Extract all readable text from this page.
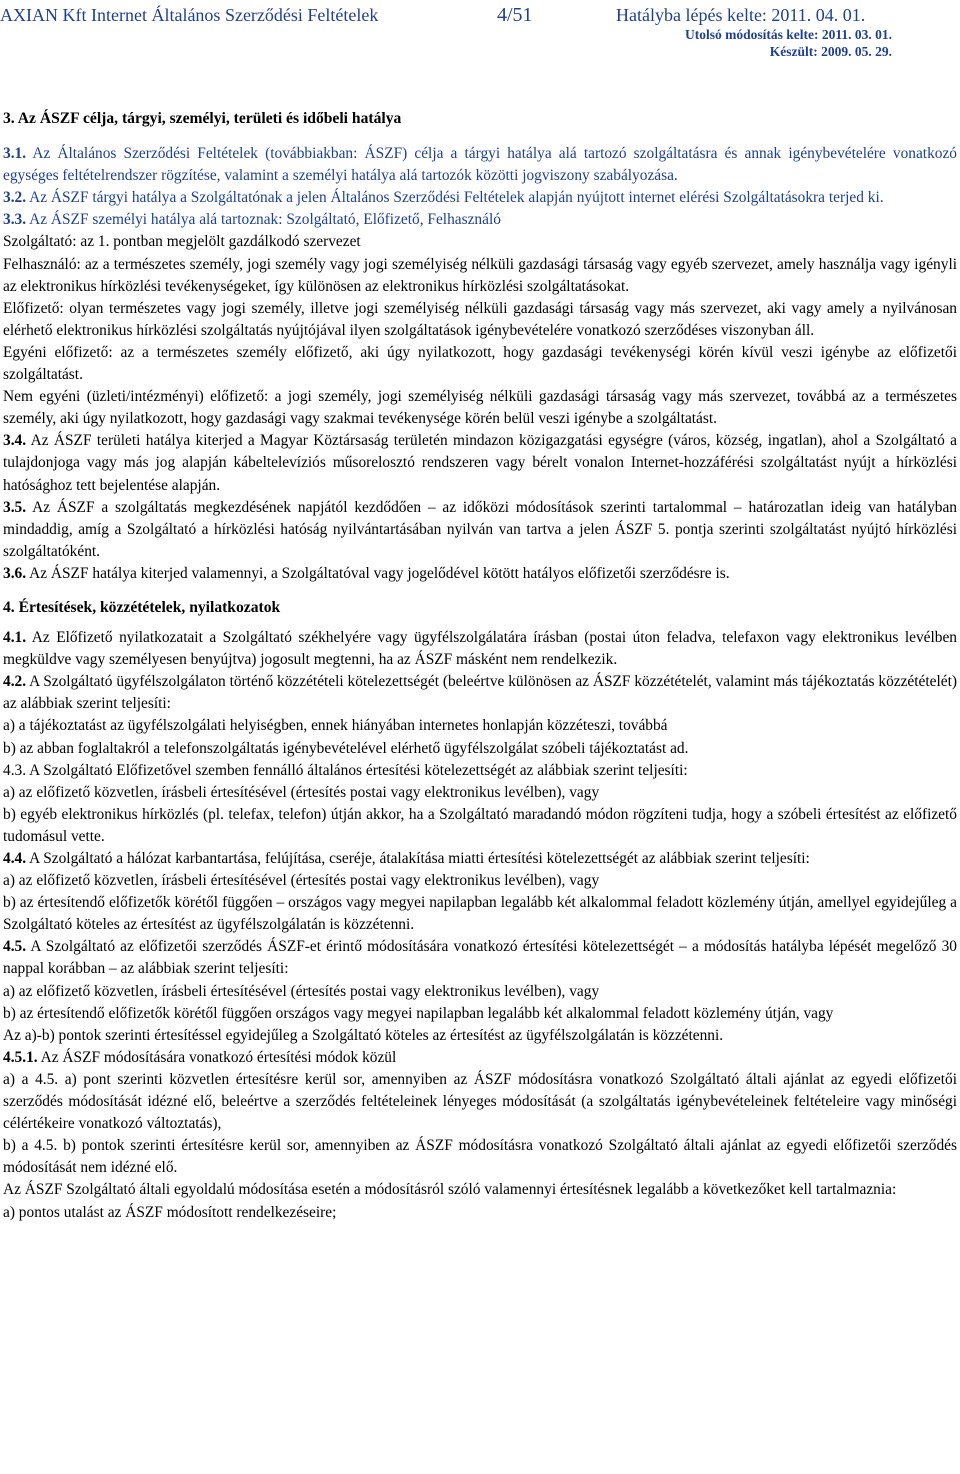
AXIAN Kft Internet Általános Szerződési Feltételek	4/51	Hatályba lépés kelte: 2011. 04. 01.
Utolsó módosítás kelte: 2011. 03. 01.
Készült: 2009. 05. 29.
3. Az ÁSZF célja, tárgyi, személyi, területi és időbeli hatálya

3.1. Az Általános Szerződési Feltételek (továbbiakban: ÁSZF) célja a tárgyi hatálya alá tartozó szolgáltatásra és annak igénybevételére vonatkozó egységes feltételrendszer rögzítése, valamint a személyi hatálya alá tartozók közötti jogviszony szabályozása.

3.2. Az ÁSZF tárgyi hatálya a Szolgáltatónak a jelen Általános Szerződési Feltételek alapján nyújtott internet elérési Szolgáltatásokra terjed ki.

3.3. Az ÁSZF személyi hatálya alá tartoznak: Szolgáltató, Előfizető, Felhasználó

Szolgáltató: az 1. pontban megjelölt gazdálkodó szervezet

Felhasználó: az a természetes személy, jogi személy vagy jogi személyiség nélküli gazdasági társaság vagy egyéb szervezet, amely használja vagy igényli az elektronikus hírközlési tevékenységeket, így különösen az elektronikus hírközlési szolgáltatásokat.

Előfizető: olyan természetes vagy jogi személy, illetve jogi személyiség nélküli gazdasági társaság vagy más szervezet, aki vagy amely a nyilvánosan elérhető elektronikus hírközlési szolgáltatás nyújtójával ilyen szolgáltatások igénybevételére vonatkozó szerződéses viszonyban áll.

Egyéni előfizető: az a természetes személy előfizető, aki úgy nyilatkozott, hogy gazdasági tevékenységi körén kívül veszi igénybe az előfizetői szolgáltatást.

Nem egyéni (üzleti/intézményi) előfizető: a jogi személy, jogi személyiség nélküli gazdasági társaság vagy más szervezet, továbbá az a természetes személy, aki úgy nyilatkozott, hogy gazdasági vagy szakmai tevékenysége körén belül veszi igénybe a szolgáltatást.

3.4. Az ÁSZF területi hatálya kiterjed a Magyar Köztársaság területén mindazon közigazgatási egységre (város, község, ingatlan), ahol a Szolgáltató a tulajdonjoga vagy más jog alapján kábeltelevíziós műsorelosztó rendszeren vagy bérelt vonalon Internet-hozzáférési szolgáltatást nyújt a hírközlési hatósághoz tett bejelentése alapján.

3.5. Az ÁSZF a szolgáltatás megkezdésének napjától kezdődően – az időközi módosítások szerinti tartalommal – határozatlan ideig van hatályban mindaddig, amíg a Szolgáltató a hírközlési hatóság nyilvántartásában nyilván van tartva a jelen ÁSZF 5. pontja szerinti szolgáltatást nyújtó hírközlési szolgáltatóként.

3.6. Az ÁSZF hatálya kiterjed valamennyi, a Szolgáltatóval vagy jogelődével kötött hatályos előfizetői szerződésre is.

4. Értesítések, közzétételek, nyilatkozatok

4.1. Az Előfizető nyilatkozatait a Szolgáltató székhelyére vagy ügyfélszolgálatára írásban (postai úton feladva, telefaxon vagy elektronikus levélben megküldve vagy személyesen benyújtva) jogosult megtenni, ha az ÁSZF másként nem rendelkezik.

4.2. A Szolgáltató ügyfélszolgálaton történő közzétételi kötelezettségét (beleértve különösen az ÁSZF közzétételét, valamint más tájékoztatás közzétételét) az alábbiak szerint teljesíti:

a) a tájékoztatást az ügyfélszolgálati helyiségben, ennek hiányában internetes honlapján közzéteszi, továbbá

b) az abban foglaltakról a telefonszolgáltatás igénybevételével elérhető ügyfélszolgálat szóbeli tájékoztatást ad.

4.3. A Szolgáltató Előfizetővel szemben fennálló általános értesítési kötelezettségét az alábbiak szerint teljesíti:

a) az előfizető közvetlen, írásbeli értesítésével (értesítés postai vagy elektronikus levélben), vagy

b) egyéb elektronikus hírközlés (pl. telefax, telefon) útján akkor, ha a Szolgáltató maradandó módon rögzíteni tudja, hogy a szóbeli értesítést az előfizető tudomásul vette.

4.4. A Szolgáltató a hálózat karbantartása, felújítása, cseréje, átalakítása miatti értesítési kötelezettségét az alábbiak szerint teljesíti:

a) az előfizető közvetlen, írásbeli értesítésével (értesítés postai vagy elektronikus levélben), vagy

b) az értesítendő előfizetők körétől függően – országos vagy megyei napilapban legalább két alkalommal feladott közlemény útján, amellyel egyidejűleg a Szolgáltató köteles az értesítést az ügyfélszolgálatán is közzétenni.

4.5. A Szolgáltató az előfizetői szerződés ÁSZF-et érintő módosítására vonatkozó értesítési kötelezettségét – a módosítás hatályba lépését megelőző 30 nappal korábban – az alábbiak szerint teljesíti:

a) az előfizető közvetlen, írásbeli értesítésével (értesítés postai vagy elektronikus levélben), vagy

b) az értesítendő előfizetők körétől függően országos vagy megyei napilapban legalább két alkalommal feladott közlemény útján, vagy

Az a)-b) pontok szerinti értesítéssel egyidejűleg a Szolgáltató köteles az értesítést az ügyfélszolgálatán is közzétenni.

4.5.1. Az ÁSZF módosítására vonatkozó értesítési módok közül

a) a 4.5. a) pont szerinti közvetlen értesítésre kerül sor, amennyiben az ÁSZF módosításra vonatkozó Szolgáltató általi ajánlat az egyedi előfizetői szerződés módosítását idézné elő, beleértve a szerződés feltételeinek lényeges módosítását (a szolgáltatás igénybevételeinek feltételeire vagy minőségi célértékeire vonatkozó változtatás),

b) a 4.5. b) pontok szerinti értesítésre kerül sor, amennyiben az ÁSZF módosításra vonatkozó Szolgáltató általi ajánlat az egyedi előfizetői szerződés módosítását nem idézné elő.

Az ÁSZF Szolgáltató általi egyoldalú módosítása esetén a módosításról szóló valamennyi értesítésnek legalább a következőket kell tartalmaznia:

a) pontos utalást az ÁSZF módosított rendelkezéseire;
